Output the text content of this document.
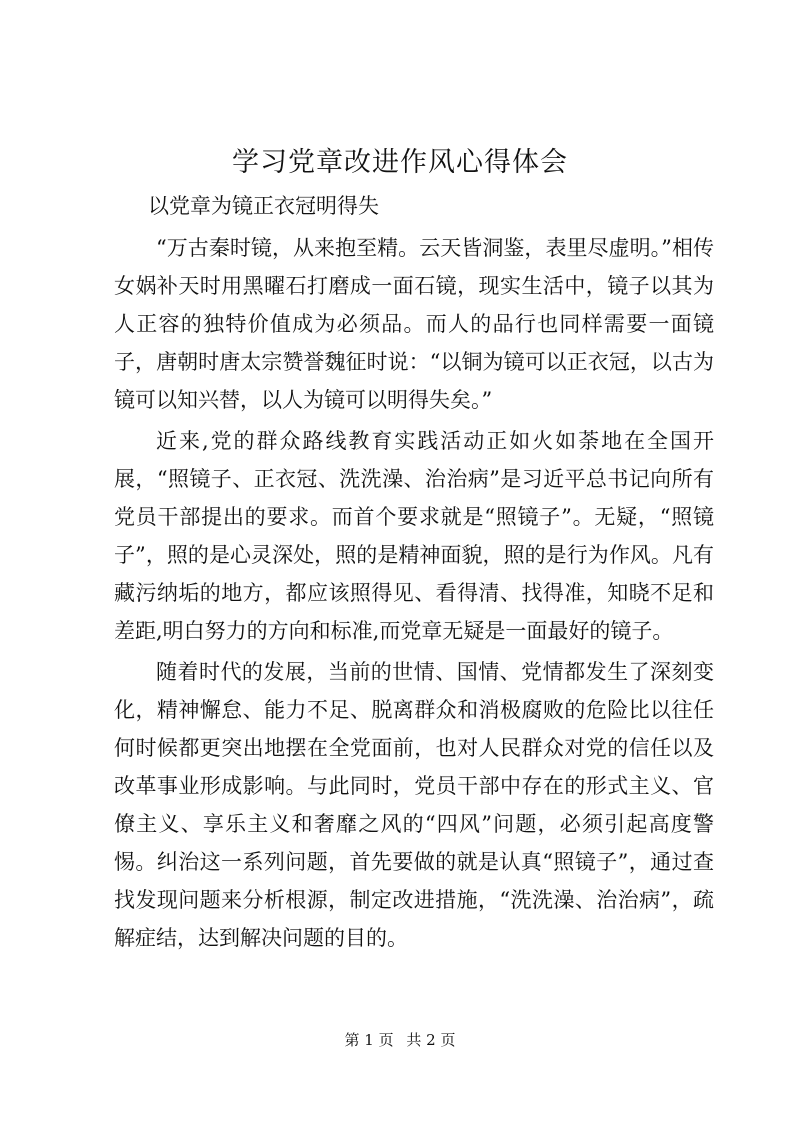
学习党章改进作风心得体会

以党章为镜正衣冠明得失

“万古秦时镜，从来抱至精。云天皆洞鉴，表里尽虚明。”相传女娲补天时用黑曜石打磨成一面石镜，现实生活中，镜子以其为人正容的独特价值成为必须品。而人的品行也同样需要一面镜子，唐朝时唐太宗赞誉魏征时说：“以铜为镜可以正衣冠，以古为镜可以知兴替，以人为镜可以明得失矣。”

近来,党的群众路线教育实践活动正如火如荼地在全国开展，“照镜子、正衣冠、洗洗澡、治治病”是习近平总书记向所有党员干部提出的要求。而首个要求就是“照镜子”。无疑，“照镜子”，照的是心灵深处，照的是精神面貌，照的是行为作风。凡有藏污纳垢的地方，都应该照得见、看得清、找得准，知晓不足和差距,明白努力的方向和标准,而党章无疑是一面最好的镜子。

随着时代的发展，当前的世情、国情、党情都发生了深刻变化，精神懈怠、能力不足、脱离群众和消极腐败的危险比以往任何时候都更突出地摆在全党面前，也对人民群众对党的信任以及改革事业形成影响。与此同时，党员干部中存在的形式主义、官僚主义、享乐主义和奢靡之风的“四风”问题，必须引起高度警惕。纠治这一系列问题，首先要做的就是认真“照镜子”，通过查找发现问题来分析根源，制定改进措施，“洗洗澡、治治病”，疏解症结，达到解决问题的目的。

第 1 页 共 2 页
